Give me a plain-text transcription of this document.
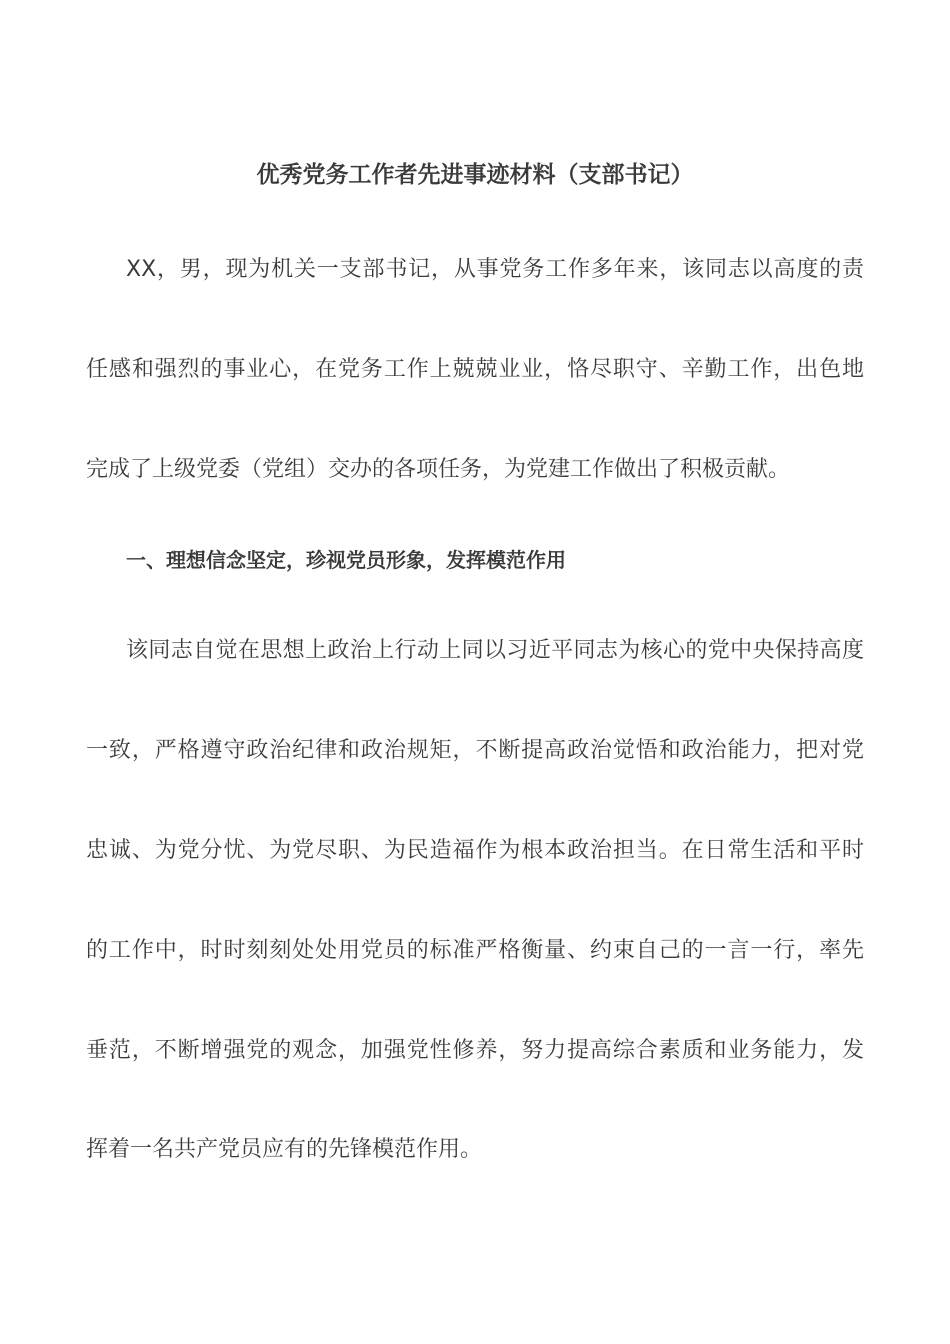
优秀党务工作者先进事迹材料（支部书记）
XX，男，现为机关一支部书记，从事党务工作多年来，该同志以高度的责
任感和强烈的事业心，在党务工作上兢兢业业，恪尽职守、辛勤工作，出色地
完成了上级党委（党组）交办的各项任务，为党建工作做出了积极贡献。
一、理想信念坚定，珍视党员形象，发挥模范作用
该同志自觉在思想上政治上行动上同以习近平同志为核心的党中央保持高度
一致，严格遵守政治纪律和政治规矩，不断提高政治觉悟和政治能力，把对党
忠诚、为党分忧、为党尽职、为民造福作为根本政治担当。在日常生活和平时
的工作中，时时刻刻处处用党员的标准严格衡量、约束自己的一言一行，率先
垂范，不断增强党的观念，加强党性修养，努力提高综合素质和业务能力，发
挥着一名共产党员应有的先锋模范作用。
